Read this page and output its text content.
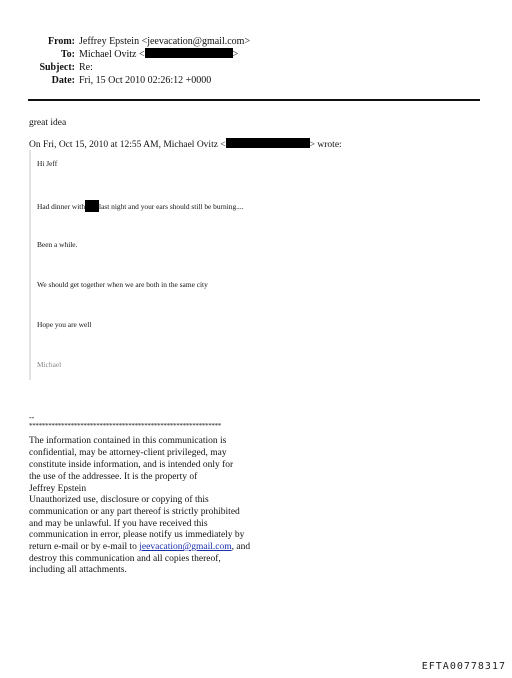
From: Jeffrey Epstein <jeevacation@gmail.com>
To: Michael Ovitz <	>
Subject: Re:
Date: Fri, 15 Oct 2010 02:26:12 +0000
great idea
On Fri, Oct 15, 2010 at 12:55 AM, Michael Ovitz <	> wrote:
Hi Jeff
Had dinner with last night and your ears should still be burning....
Been a while.
We should get together when we are both in the same city
Hope you are well
Michael
--
************************************************************
The information contained in this communication is
confidential, may be attorney-client privileged, may
constitute inside information, and is intended only for
the use of the addressee. It is the property of
Jeffrey Epstein
Unauthorized use, disclosure or copying of this
communication or any part thereof is strictly prohibited
and may be unlawful. If you have received this
communication in error, please notify us immediately by
return e-mail or by e-mail to jeevacation@gmail.com, and
destroy this communication and all copies thereof,
including all attachments.
EFTA00778317
